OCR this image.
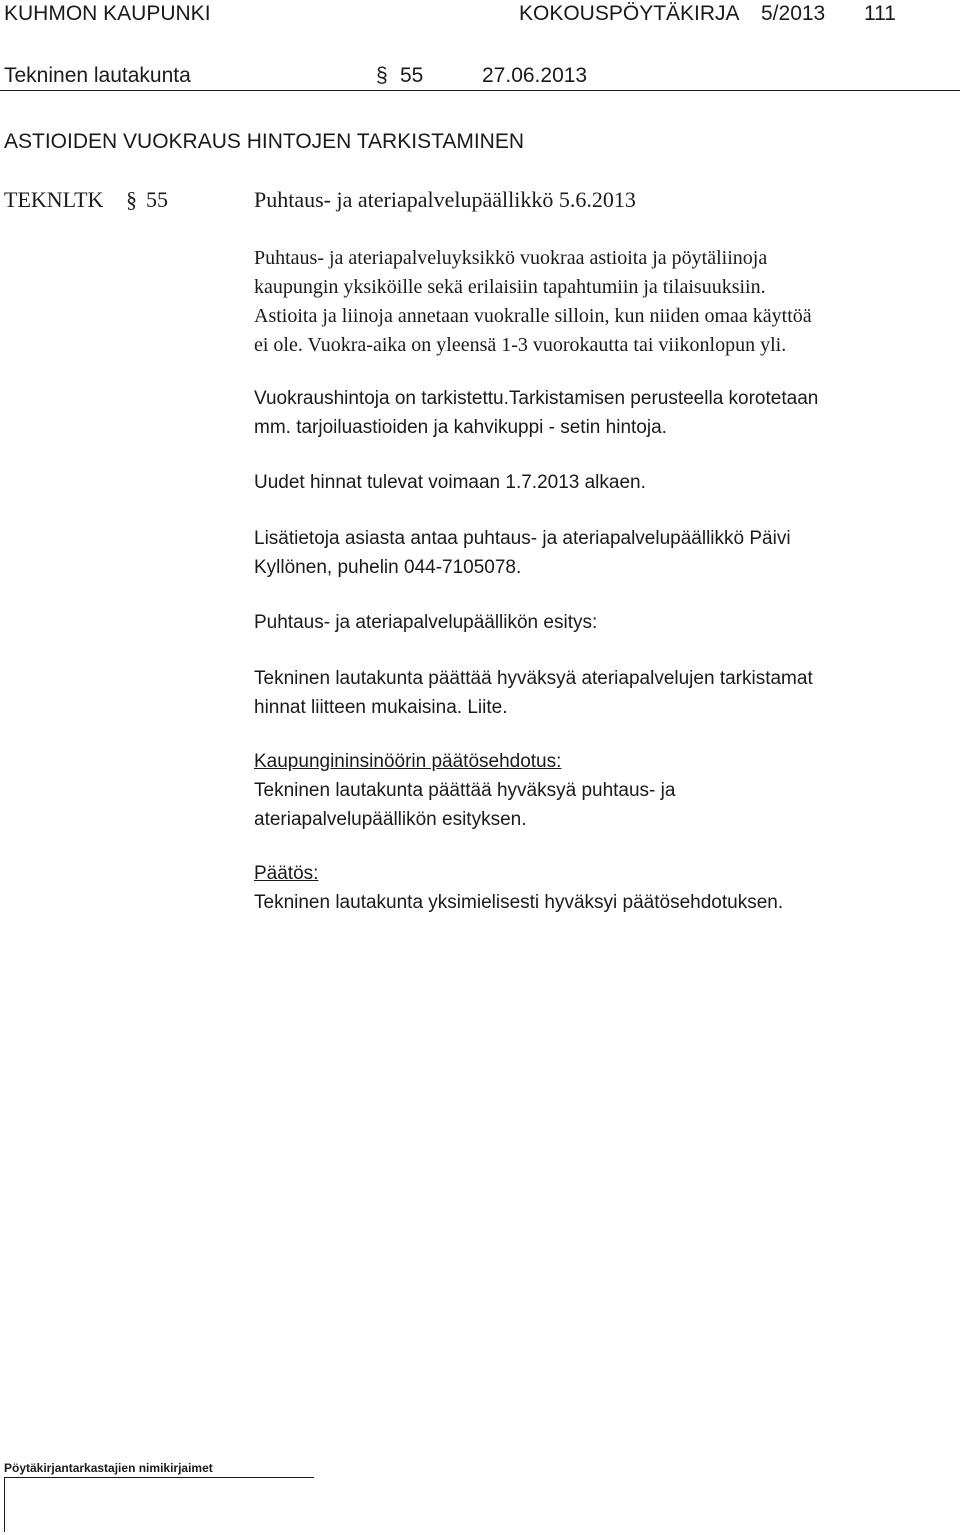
KUHMON KAUPUNKI	KOKOUSPÖYTÄKIRJA 5/2013 111
Tekninen lautakunta	§ 55	27.06.2013
ASTIOIDEN VUOKRAUS HINTOJEN TARKISTAMINEN
TEKNLTK § 55	Puhtaus- ja ateriapalvelupäällikkö 5.6.2013
Puhtaus- ja ateriapalveluyksikkö vuokraa astioita ja pöytäliinoja
kaupungin yksiköille sekä erilaisiin tapahtumiin ja tilaisuuksiin.
Astioita ja liinoja annetaan vuokralle silloin, kun niiden omaa käyttöä
ei ole. Vuokra-aika on yleensä 1-3 vuorokautta tai viikonlopun yli.
Vuokraushintoja on tarkistettu.Tarkistamisen perusteella korotetaan
mm. tarjoiluastioiden ja kahvikuppi - setin hintoja.
Uudet hinnat tulevat voimaan 1.7.2013 alkaen.
Lisätietoja asiasta antaa puhtaus- ja ateriapalvelupäällikkö Päivi
Kyllönen, puhelin 044-7105078.
Puhtaus- ja ateriapalvelupäällikön esitys:
Tekninen lautakunta päättää hyväksyä ateriapalvelujen tarkistamat
hinnat liitteen mukaisina. Liite.
Kaupungininsinöörin päätösehdotus:
Tekninen lautakunta päättää hyväksyä puhtaus- ja
ateriapalvelupäällikön esityksen.
Päätös:
Tekninen lautakunta yksimielisesti hyväksyi päätösehdotuksen.
Pöytäkirjantarkastajien nimikirjaimet
